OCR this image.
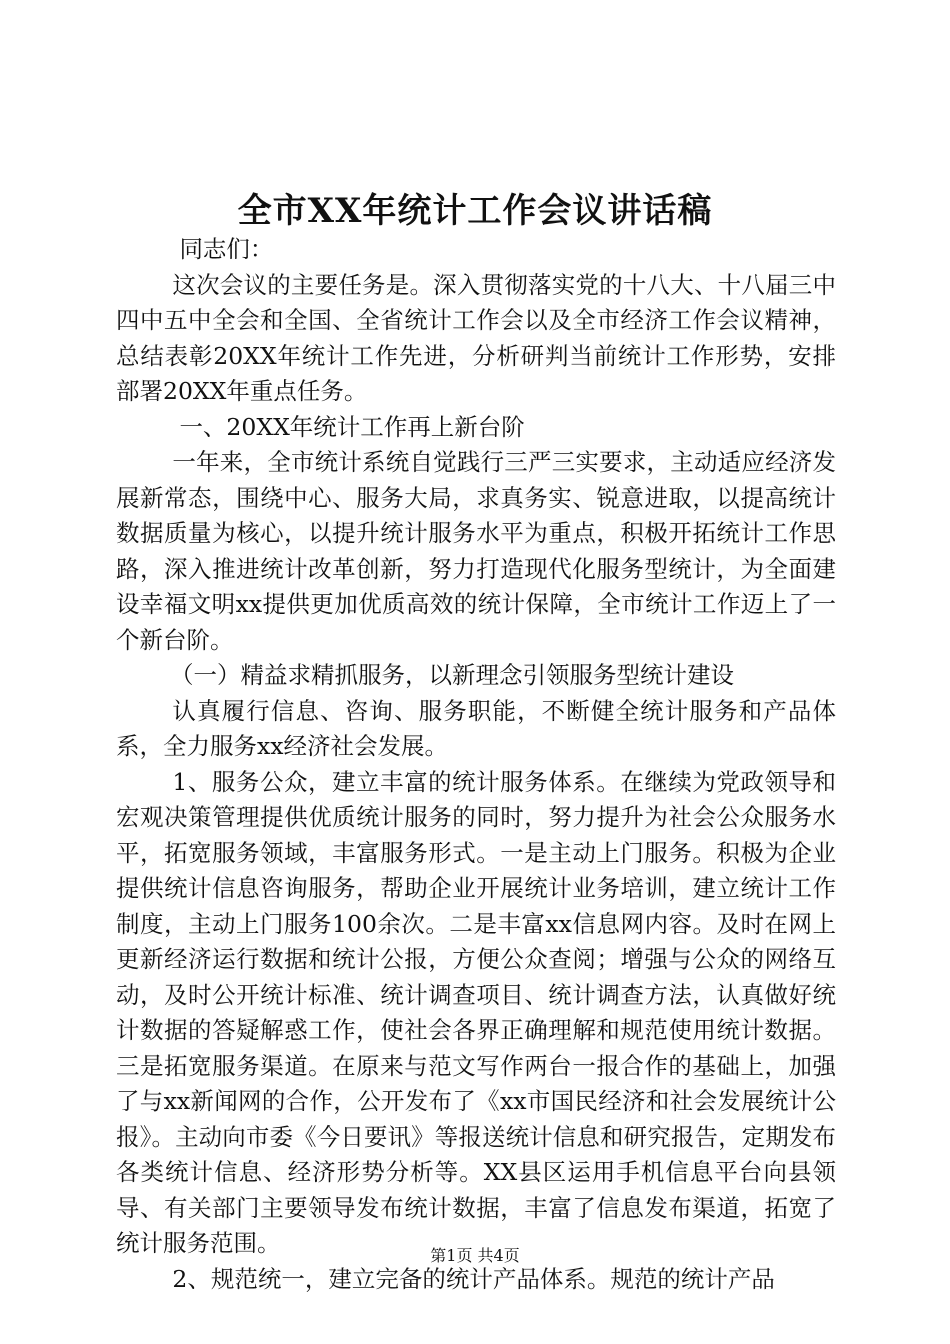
全市XX年统计工作会议讲话稿

同志们：

这次会议的主要任务是。深入贯彻落实党的十八大、十八届三中四中五中全会和全国、全省统计工作会以及全市经济工作会议精神，总结表彰20XX年统计工作先进，分析研判当前统计工作形势，安排部署20XX年重点任务。

一、20XX年统计工作再上新台阶

一年来，全市统计系统自觉践行三严三实要求，主动适应经济发展新常态，围绕中心、服务大局，求真务实、锐意进取，以提高统计数据质量为核心，以提升统计服务水平为重点，积极开拓统计工作思路，深入推进统计改革创新，努力打造现代化服务型统计，为全面建设幸福文明xx提供更加优质高效的统计保障，全市统计工作迈上了一个新台阶。

（一）精益求精抓服务，以新理念引领服务型统计建设

认真履行信息、咨询、服务职能，不断健全统计服务和产品体系，全力服务xx经济社会发展。

1、服务公众，建立丰富的统计服务体系。在继续为党政领导和宏观决策管理提供优质统计服务的同时，努力提升为社会公众服务水平，拓宽服务领域，丰富服务形式。一是主动上门服务。积极为企业提供统计信息咨询服务，帮助企业开展统计业务培训，建立统计工作制度，主动上门服务100余次。二是丰富xx信息网内容。及时在网上更新经济运行数据和统计公报，方便公众查阅；增强与公众的网络互动，及时公开统计标准、统计调查项目、统计调查方法，认真做好统计数据的答疑解惑工作，使社会各界正确理解和规范使用统计数据。三是拓宽服务渠道。在原来与范文写作两台一报合作的基础上，加强了与xx新闻网的合作，公开发布了《xx市国民经济和社会发展统计公报》。主动向市委《今日要讯》等报送统计信息和研究报告，定期发布各类统计信息、经济形势分析等。XX县区运用手机信息平台向县领导、有关部门主要领导发布统计数据，丰富了信息发布渠道，拓宽了统计服务范围。

2、规范统一，建立完备的统计产品体系。规范的统计产品

第1页 共4页
